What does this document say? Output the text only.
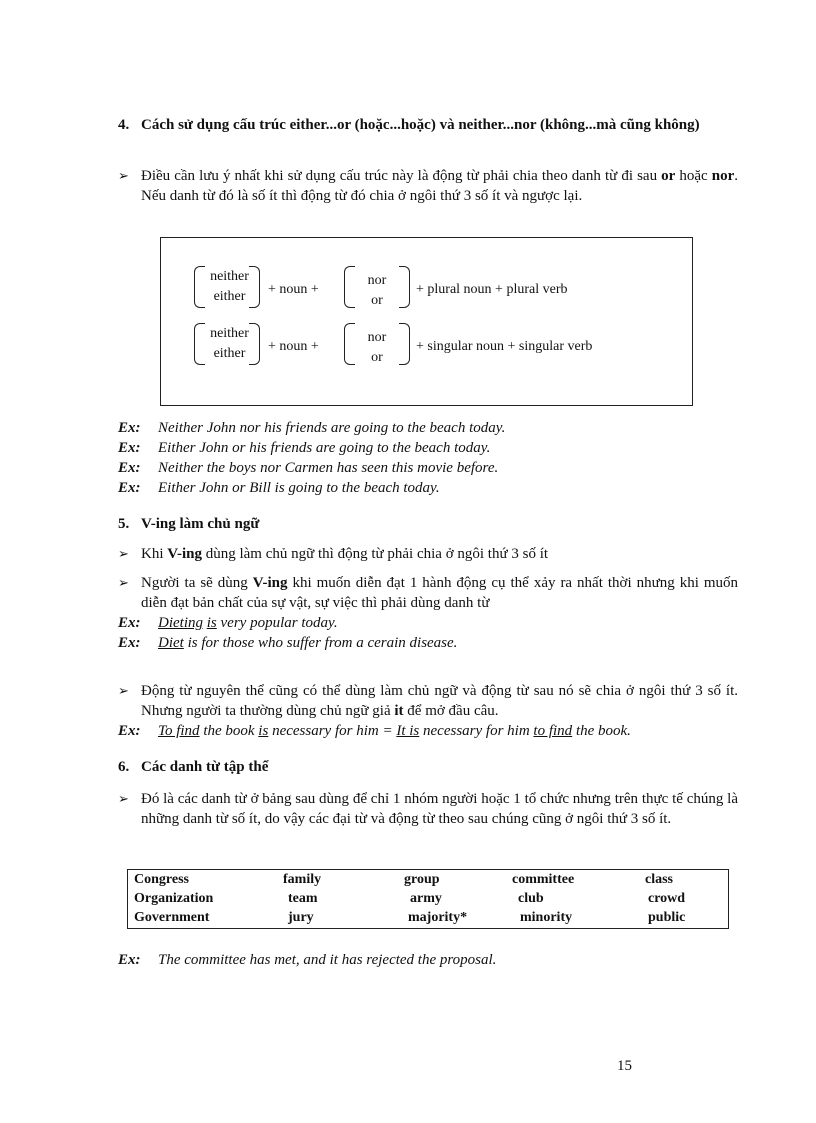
4. Cách sử dụng cấu trúc either...or (hoặc...hoặc) và neither...nor (không...mà cũng không)
➢ Điều cần lưu ý nhất khi sử dụng cấu trúc này là động từ phải chia theo danh từ đi sau or hoặc nor. Nếu danh từ đó là số ít thì động từ đó chia ở ngôi thứ 3 số ít và ngược lại.
neither
either	+ noun +
nor
or
+ plural noun + plural verb
neither
either	+ noun +
nor
or
+ singular noun + singular verb
Ex: Neither John nor his friends are going to the beach today.
Ex: Either John or his friends are going to the beach today.
Ex: Neither the boys nor Carmen has seen this movie before.
Ex: Either John or Bill is going to the beach today.
5. V-ing làm chủ ngữ
➢ Khi V-ing dùng làm chủ ngữ thì động từ phải chia ở ngôi thứ 3 số ít
➢ Người ta sẽ dùng V-ing khi muốn diễn đạt 1 hành động cụ thể xảy ra nhất thời nhưng khi muốn diễn đạt bản chất của sự vật, sự việc thì phải dùng danh từ
Ex: Dieting is very popular today.
Ex: Diet is for those who suffer from a cerain disease.
➢ Động từ nguyên thể cũng có thể dùng làm chủ ngữ và động từ sau nó sẽ chia ở ngôi thứ 3 số ít. Nhưng người ta thường dùng chủ ngữ giả it để mở đầu câu.
Ex: To find the book is necessary for him = It is necessary for him to find the book.
6. Các danh từ tập thể
➢ Đó là các danh từ ở bảng sau dùng để chỉ 1 nhóm người hoặc 1 tổ chức nhưng trên thực tế chúng là những danh từ số ít, do vậy các đại từ và động từ theo sau chúng cũng ở ngôi thứ 3 số ít.
Congress	family	group	committee	class
Organization	team	army	club	crowd
Government	jury	majority*	minority	public
Ex: The committee has met, and it has rejected the proposal.
15
